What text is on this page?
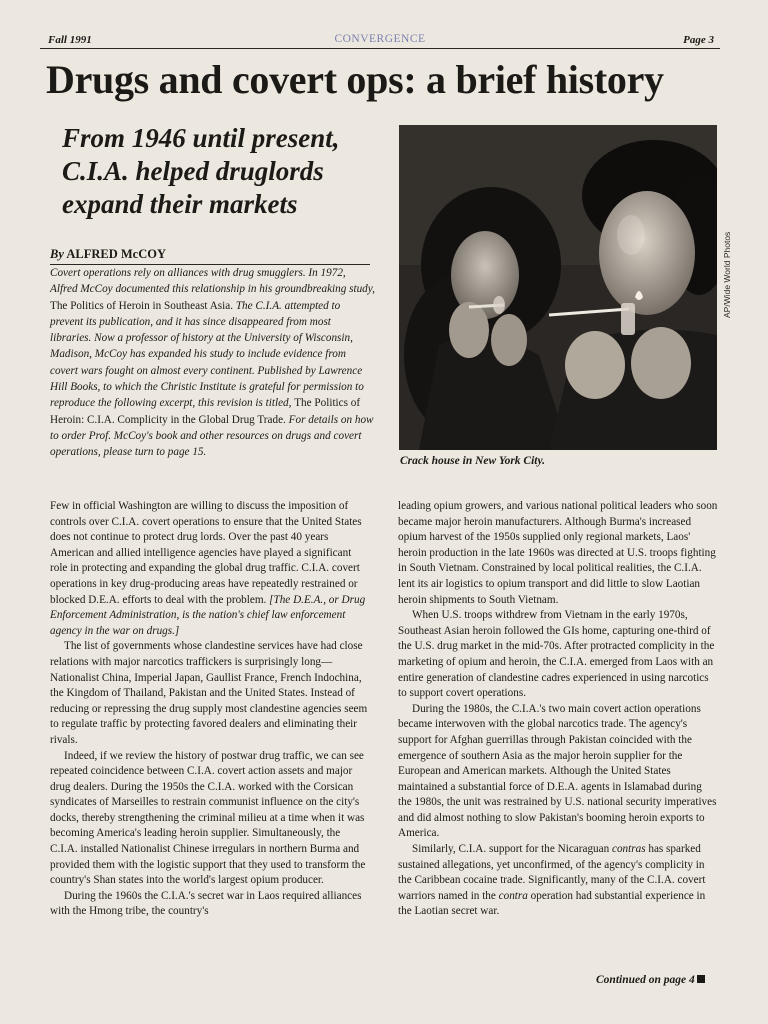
Fall 1991	CONVERGENCE	Page 3
Drugs and covert ops: a brief history
From 1946 until present, C.I.A. helped druglords expand their markets
By ALFRED McCOY
Covert operations rely on alliances with drug smugglers. In 1972, Alfred McCoy documented this relationship in his groundbreaking study, The Politics of Heroin in Southeast Asia. The C.I.A. attempted to prevent its publication, and it has since disappeared from most libraries. Now a professor of history at the University of Wisconsin, Madison, McCoy has expanded his study to include evidence from covert wars fought on almost every continent. Published by Lawrence Hill Books, to which the Christic Institute is grateful for permission to reproduce the following excerpt, this revision is titled, The Politics of Heroin: C.I.A. Complicity in the Global Drug Trade. For details on how to order Prof. McCoy's book and other resources on drugs and covert operations, please turn to page 15.
AP/Wide World Photos
Crack house in New York City.

Few in official Washington are willing to discuss the imposition of controls over C.I.A. covert operations to ensure that the United States does not continue to protect drug lords. Over the past 40 years American and allied intelligence agencies have played a significant role in protecting and expanding the global drug traffic. C.I.A. covert operations in key drug-producing areas have repeatedly restrained or blocked D.E.A. efforts to deal with the problem. [The D.E.A., or Drug Enforcement Administration, is the nation's chief law enforcement agency in the war on drugs.]

The list of governments whose clandestine services have had close relations with major narcotics traffickers is surprisingly long—Nationalist China, Imperial Japan, Gaullist France, French Indochina, the Kingdom of Thailand, Pakistan and the United States. Instead of reducing or repressing the drug supply most clandestine agencies seem to regulate traffic by protecting favored dealers and eliminating their rivals.

Indeed, if we review the history of postwar drug traffic, we can see repeated coincidence between C.I.A. covert action assets and major drug dealers. During the 1950s the C.I.A. worked with the Corsican syndicates of Marseilles to restrain communist influence on the city's docks, thereby strengthening the criminal milieu at a time when it was becoming America's leading heroin supplier. Simultaneously, the C.I.A. installed Nationalist Chinese irregulars in northern Burma and provided them with the logistic support that they used to transform the country's Shan states into the world's largest opium producer.

During the 1960s the C.I.A.'s secret war in Laos required alliances with the Hmong tribe, the country's

leading opium growers, and various national political leaders who soon became major heroin manufacturers. Although Burma's increased opium harvest of the 1950s supplied only regional markets, Laos' heroin production in the late 1960s was directed at U.S. troops fighting in South Vietnam. Constrained by local political realities, the C.I.A. lent its air logistics to opium transport and did little to slow Laotian heroin shipments to South Vietnam.

When U.S. troops withdrew from Vietnam in the early 1970s, Southeast Asian heroin followed the GIs home, capturing one-third of the U.S. drug market in the mid-70s. After protracted complicity in the marketing of opium and heroin, the C.I.A. emerged from Laos with an entire generation of clandestine cadres experienced in using narcotics to support covert operations.

During the 1980s, the C.I.A.'s two main covert action operations became interwoven with the global narcotics trade. The agency's support for Afghan guerrillas through Pakistan coincided with the emergence of southern Asia as the major heroin supplier for the European and American markets. Although the United States maintained a substantial force of D.E.A. agents in Islamabad during the 1980s, the unit was restrained by U.S. national security imperatives and did almost nothing to slow Pakistan's booming heroin exports to America.

Similarly, C.I.A. support for the Nicaraguan contras has sparked sustained allegations, yet unconfirmed, of the agency's complicity in the Caribbean cocaine trade. Significantly, many of the C.I.A. covert warriors named in the contra operation had substantial experience in the Laotian secret war.

Continued on page 4
